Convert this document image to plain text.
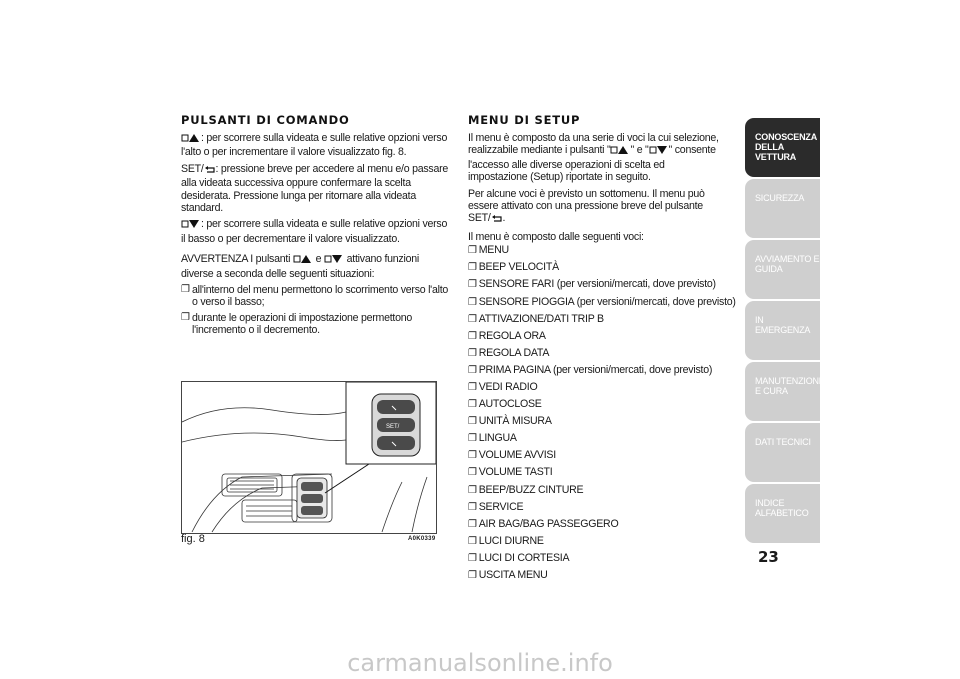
PULSANTI DI COMANDO

: per scorrere sulla videata e sulle relative opzioni verso l'alto o per incrementare il valore visualizzato fig. 8.

SET/ : pressione breve per accedere al menu e/o passare alla videata successiva oppure confermare la scelta desiderata. Pressione lunga per ritornare alla videata standard.

: per scorrere sulla videata e sulle relative opzioni verso il basso o per decrementare il valore visualizzato.

AVVERTENZA I pulsanti e attivano funzioni diverse a seconda delle seguenti situazioni:

❐ all'interno del menu permettono lo scorrimento verso l'alto o verso il basso;
❐ durante le operazioni di impostazione permettono l'incremento o il decremento.
SET/
fig. 8	A0K0339
MENU DI SETUP

Il menu è composto da una serie di voci la cui selezione, realizzabile mediante i pulsanti " " e " " consente l'accesso alle diverse operazioni di scelta ed impostazione (Setup) riportate in seguito.

Per alcune voci è previsto un sottomenu. Il menu può essere attivato con una pressione breve del pulsante SET/ .

Il menu è composto dalle seguenti voci:

❐ MENU
❐ BEEP VELOCITÀ
❐ SENSORE FARI (per versioni/mercati, dove previsto)
❐ SENSORE PIOGGIA (per versioni/mercati, dove previsto)
❐ ATTIVAZIONE/DATI TRIP B
❐ REGOLA ORA
❐ REGOLA DATA
❐ PRIMA PAGINA (per versioni/mercati, dove previsto)
❐ VEDI RADIO
❐ AUTOCLOSE
❐ UNITÀ MISURA
❐ LINGUA
❐ VOLUME AVVISI
❐ VOLUME TASTI
❐ BEEP/BUZZ CINTURE
❐ SERVICE
❐ AIR BAG/BAG PASSEGGERO
❐ LUCI DIURNE
❐ LUCI DI CORTESIA
❐ USCITA MENU
CONOSCENZA DELLA VETTURA
SICUREZZA
AVVIAMENTO E GUIDA
IN EMERGENZA
MANUTENZIONE E CURA
DATI TECNICI
INDICE ALFABETICO
23
carmanualsonline.info
